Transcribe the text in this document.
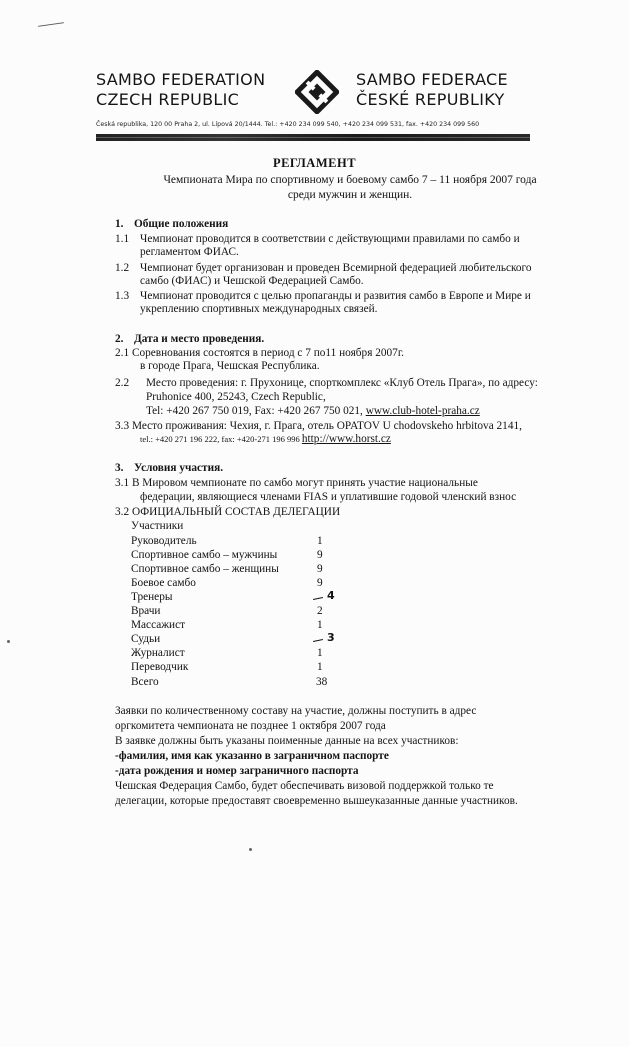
SAMBO FEDERATION
CZECH REPUBLIC
SAMBO FEDERACE
ČESKÉ REPUBLIKY
Česká republika, 120 00 Praha 2, ul. Lípová 20/1444. Tel.: +420 234 099 540, +420 234 099 531, fax. +420 234 099 560
РЕГЛАМЕНТ
Чемпионата Мира по спортивному и боевому самбо 7 – 11 ноября 2007 года
среди мужчин и женщин.
1. Общие положения
1.1 Чемпионат проводится в соответствии с действующими правилами по самбо и
регламентом ФИАС.
1.2 Чемпионат будет организован и проведен Всемирной федерацией любительского
самбо (ФИАС) и Чешской Федерацией Самбо.
1.3 Чемпионат проводится с целью пропаганды и развития самбо в Европе и Мире и
укреплению спортивных международных связей.
2. Дата и место проведения.
2.1 Соревнования состоятся в период с 7 по11 ноября 2007г.
в городе Прага, Чешская Республика.
2.2 Место проведения: г. Пруxонице, спорткомплекс «Клуб Отель Прага», по адресу:
Pruhonice 400, 25243, Czech Republic,
Tel: +420 267 750 019, Fax: +420 267 750 021, www.club-hotel-praha.cz
3.3 Место проживания: Чехия, г. Прага, отель OPATOV U chodovskeho hrbitova 2141,
tel.: +420 271 196 222, fax: +420-271 196 996 http://www.horst.cz
3. Условия участия.
3.1 В Мировом чемпионате по самбо могут принять участие национальные
федерации, являющиеся членами FIAS и уплатившие годовой членский взнос
3.2 ОФИЦИАЛЬНЫЙ СОСТАВ ДЕЛЕГАЦИИ
Участники
Руководитель	1
Спортивное самбо – мужчины	9
Спортивное самбо – женщины	9
Боевое самбо	9
Тренеры	4
Врачи	2
Массажист	1
Судьи	3
Журналист	1
Переводчик	1
Всего	38
Заявки по количественному составу на участие, должны поступить в адрес
оргкомитета чемпионата не позднее 1 октября 2007 года
В заявке должны быть указаны поименные данные на всех участников:
-фамилия, имя как указанно в заграничном паспорте
-дата рождения и номер заграничного паспорта
Чешская Федерация Самбо, будет обеспечивать визовой поддержкой только те
делегации, которые предоставят своевременно вышеуказанные данные участников.
